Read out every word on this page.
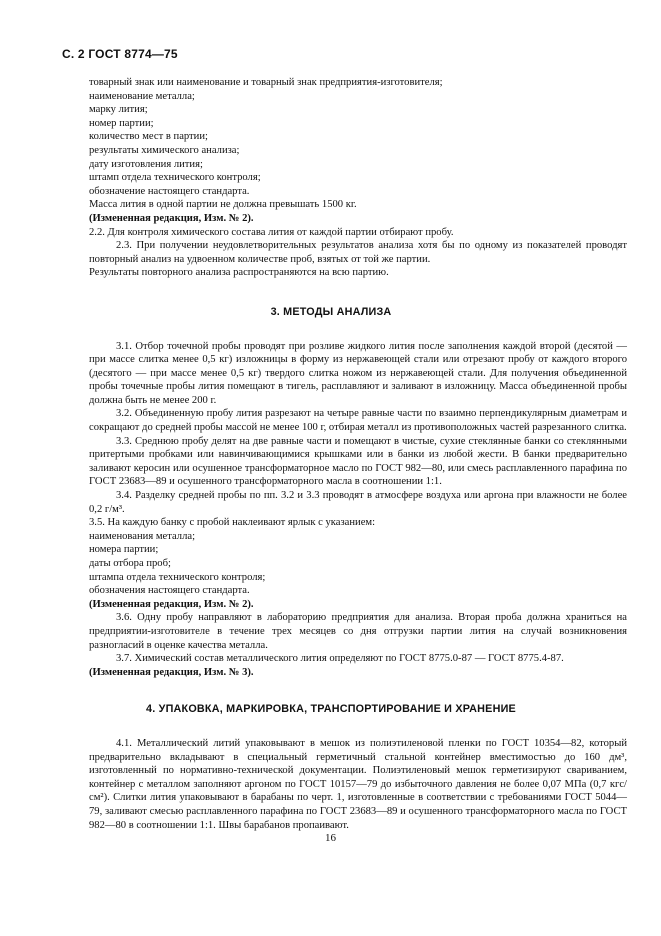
С. 2 ГОСТ 8774—75

товарный знак или наименование и товарный знак предприятия-изготовителя;

наименование металла;

марку лития;

номер партии;

количество мест в партии;

результаты химического анализа;

дату изготовления лития;

штамп отдела технического контроля;

обозначение настоящего стандарта.

Масса лития в одной партии не должна превышать 1500 кг.

(Измененная редакция, Изм. № 2).

2.2. Для контроля химического состава лития от каждой партии отбирают пробу.

2.3. При получении неудовлетворительных результатов анализа хотя бы по одному из показателей проводят повторный анализ на удвоенном количестве проб, взятых от той же партии.

Результаты повторного анализа распространяются на всю партию.

3. МЕТОДЫ АНАЛИЗА

3.1. Отбор точечной пробы проводят при розливе жидкого лития после заполнения каждой второй (десятой — при массе слитка менее 0,5 кг) изложницы в форму из нержавеющей стали или отрезают пробу от каждого второго (десятого — при массе менее 0,5 кг) твердого слитка ножом из нержавеющей стали. Для получения объединенной пробы точечные пробы лития помещают в тигель, расплавляют и заливают в изложницу. Масса объединенной пробы должна быть не менее 200 г.

3.2. Объединенную пробу лития разрезают на четыре равные части по взаимно перпендикулярным диаметрам и сокращают до средней пробы массой не менее 100 г, отбирая металл из противоположных частей разрезанного слитка.

3.3. Среднюю пробу делят на две равные части и помещают в чистые, сухие стеклянные банки со стеклянными притертыми пробками или навинчивающимися крышками или в банки из любой жести. В банки предварительно заливают керосин или осушенное трансформаторное масло по ГОСТ 982—80, или смесь расплавленного парафина по ГОСТ 23683—89 и осушенного трансформаторного масла в соотношении 1:1.

3.4. Разделку средней пробы по пп. 3.2 и 3.3 проводят в атмосфере воздуха или аргона при влажности не более 0,2 г/м³.

3.5. На каждую банку с пробой наклеивают ярлык с указанием:

наименования металла;

номера партии;

даты отбора проб;

штампа отдела технического контроля;

обозначения настоящего стандарта.

(Измененная редакция, Изм. № 2).

3.6. Одну пробу направляют в лабораторию предприятия для анализа. Вторая проба должна храниться на предприятии-изготовителе в течение трех месяцев со дня отгрузки партии лития на случай возникновения разногласий в оценке качества металла.

3.7. Химический состав металлического лития определяют по ГОСТ 8775.0-87 — ГОСТ 8775.4-87.

(Измененная редакция, Изм. № 3).

4. УПАКОВКА, МАРКИРОВКА, ТРАНСПОРТИРОВАНИЕ И ХРАНЕНИЕ

4.1. Металлический литий упаковывают в мешок из полиэтиленовой пленки по ГОСТ 10354—82, который предварительно вкладывают в специальный герметичный стальной контейнер вместимостью до 160 дм³, изготовленный по нормативно-технической документации. Полиэтиленовый мешок герметизируют свариванием, контейнер с металлом заполняют аргоном по ГОСТ 10157—79 до избыточного давления не более 0,07 МПа (0,7 кгс/см²). Слитки лития упаковывают в барабаны по черт. 1, изготовленные в соответствии с требованиями ГОСТ 5044—79, заливают смесью расплавленного парафина по ГОСТ 23683—89 и осушенного трансформаторного масла по ГОСТ 982—80 в соотношении 1:1. Швы барабанов пропаивают.

16
